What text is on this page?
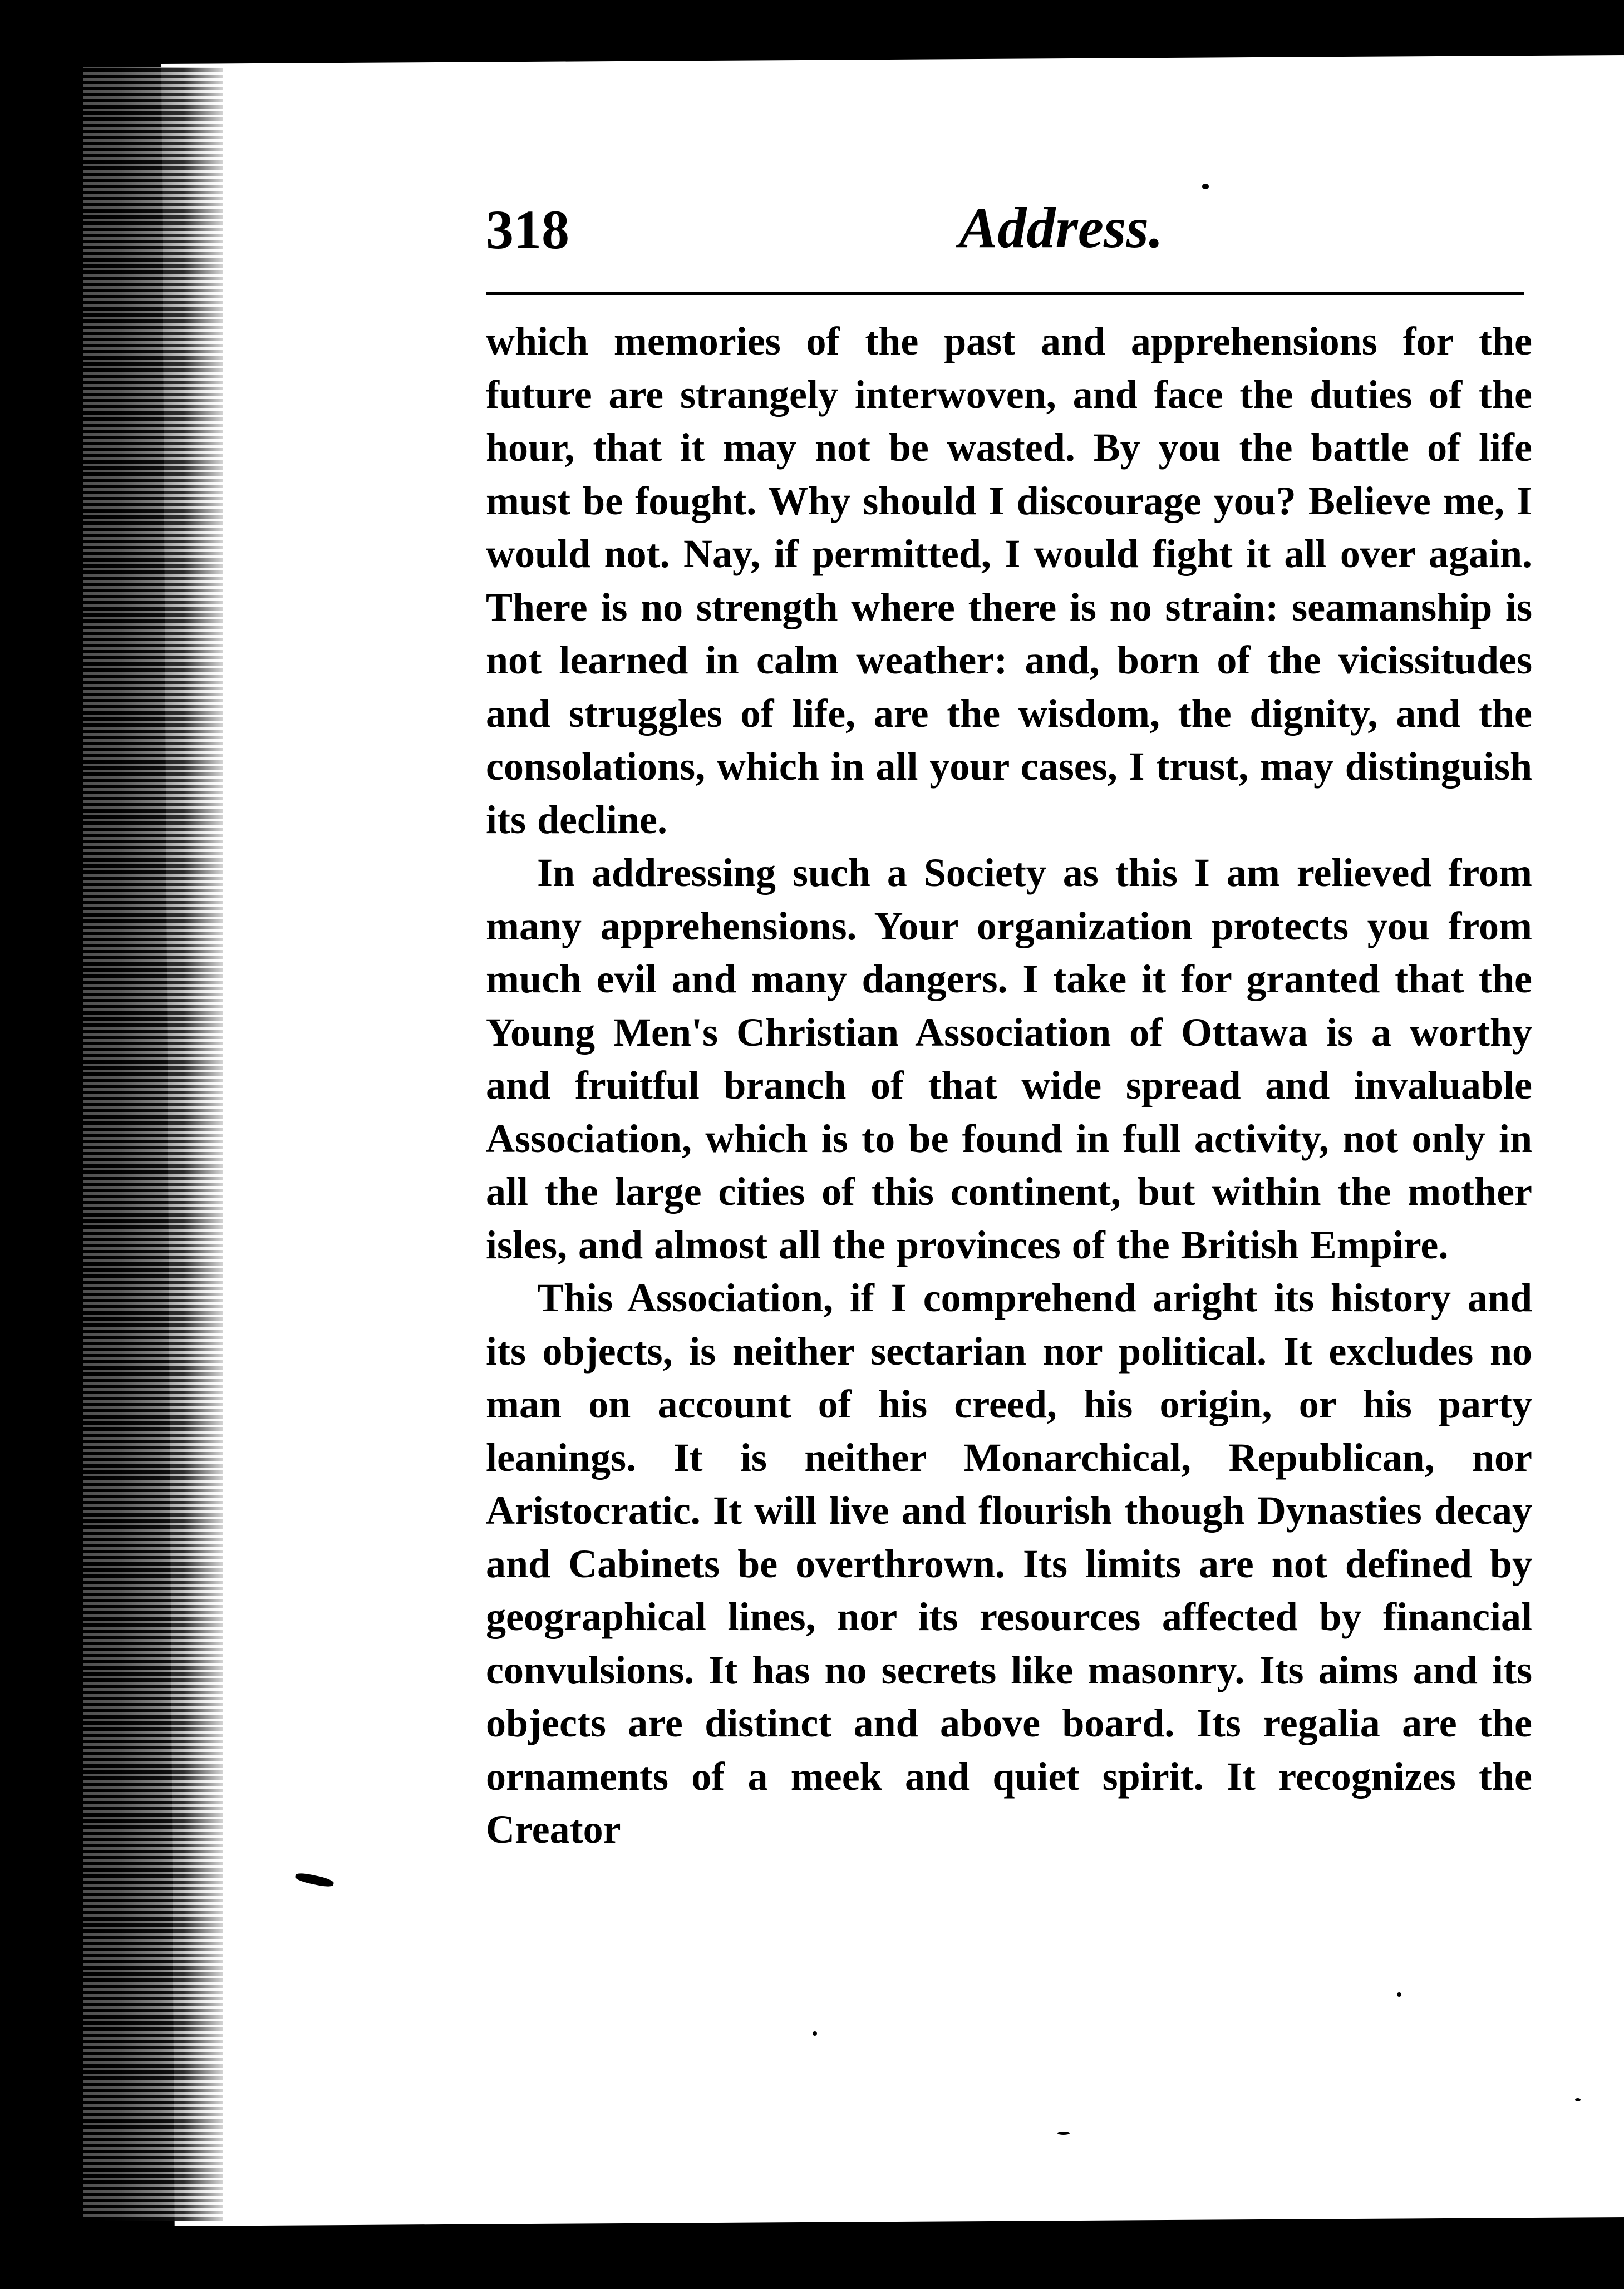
318	Address.

which memories of the past and apprehensions for the future are strangely interwoven, and face the duties of the hour, that it may not be wasted. By you the battle of life must be fought. Why should I discourage you? Believe me, I would not. Nay, if permitted, I would fight it all over again. There is no strength where there is no strain: seamanship is not learned in calm weather: and, born of the vicissitudes and struggles of life, are the wisdom, the dignity, and the consolations, which in all your cases, I trust, may distinguish its decline.

In addressing such a Society as this I am relieved from many apprehensions. Your organization protects you from much evil and many dangers. I take it for granted that the Young Men's Christian Association of Ottawa is a worthy and fruitful branch of that wide spread and invaluable Association, which is to be found in full activity, not only in all the large cities of this continent, but within the mother isles, and almost all the provinces of the British Empire.

This Association, if I comprehend aright its history and its objects, is neither sectarian nor political. It excludes no man on account of his creed, his origin, or his party leanings. It is neither Monarchical, Republican, nor Aristocratic. It will live and flourish though Dynasties decay and Cabinets be overthrown. Its limits are not defined by geographical lines, nor its resources affected by financial convulsions. It has no secrets like masonry. Its aims and its objects are distinct and above board. Its regalia are the ornaments of a meek and quiet spirit. It recognizes the Creator
